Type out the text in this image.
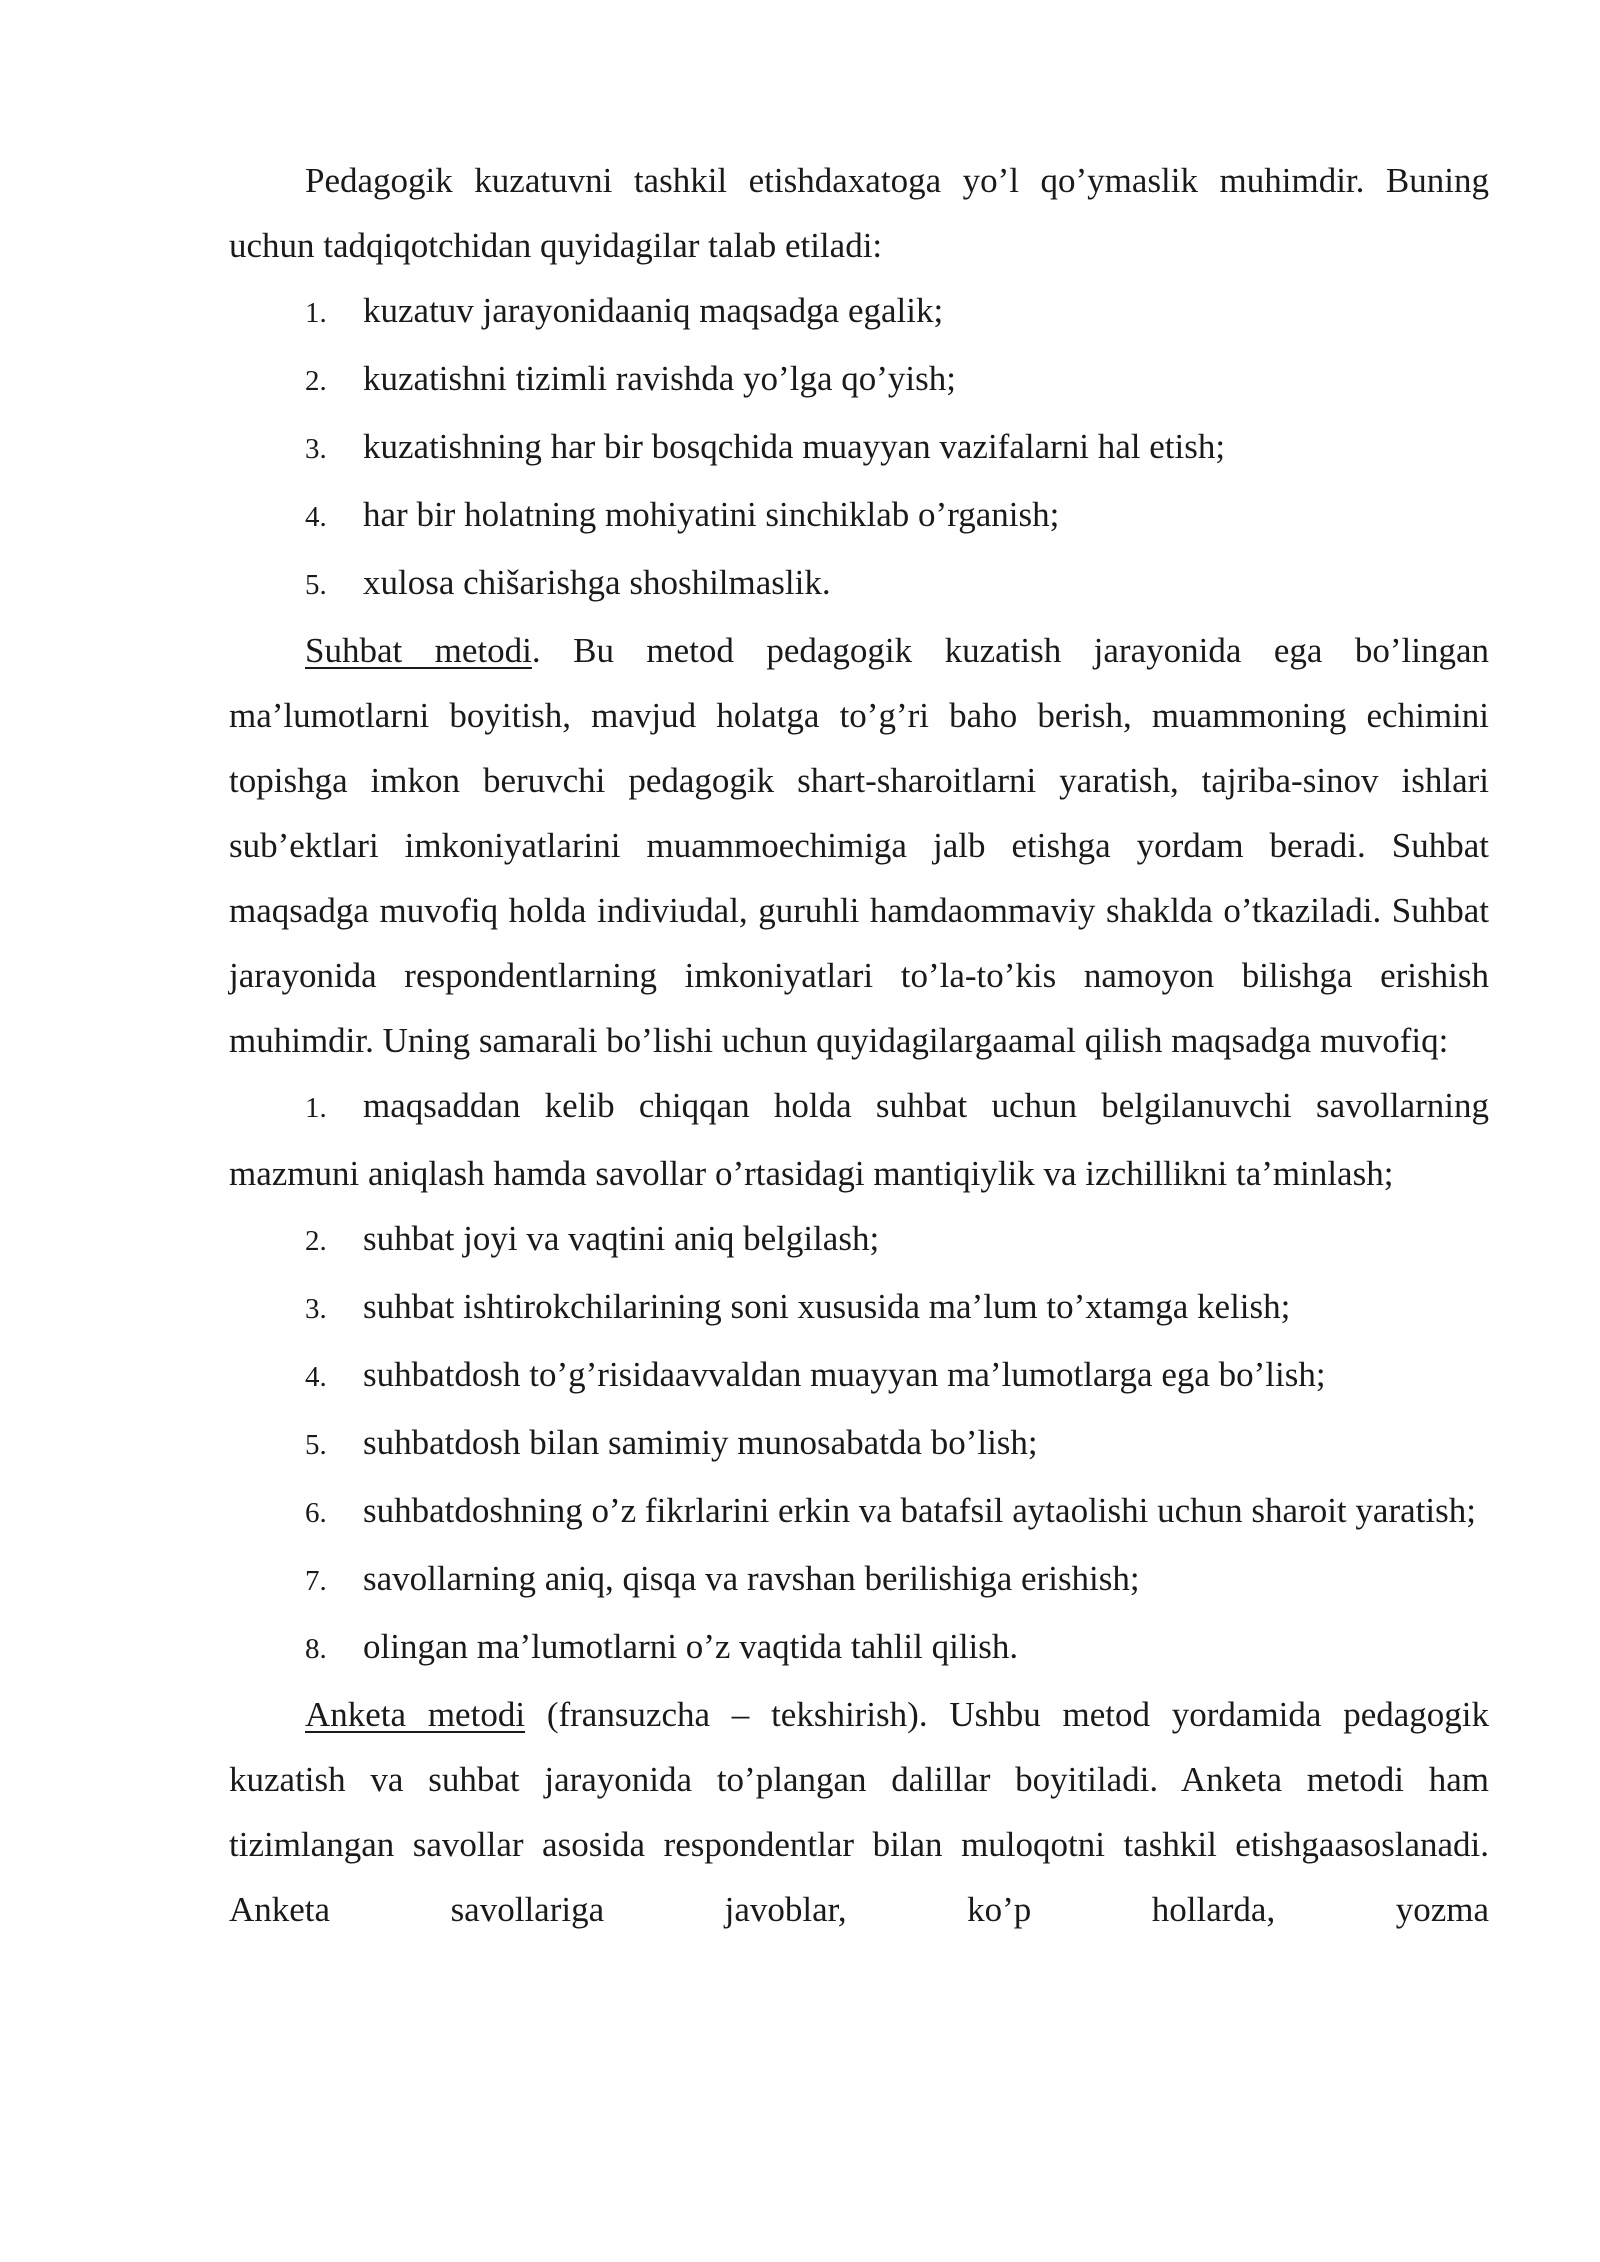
Pedagogik kuzatuvni tashkil etishdaxatoga yo’l qo’ymaslik muhimdir. Buning uchun tadqiqotchidan quyidagilar talab etiladi:

1. kuzatuv jarayonidaaniq maqsadga egalik;

2. kuzatishni tizimli ravishda yo’lga qo’yish;

3. kuzatishning har bir bosqchida muayyan vazifalarni hal etish;

4. har bir holatning mohiyatini sinchiklab o’rganish;

5. xulosa chišarishga shoshilmaslik.

Suhbat metodi. Bu metod pedagogik kuzatish jarayonida ega bo’lingan ma’lumotlarni boyitish, mavjud holatga to’g’ri baho berish, muammoning echimini topishga imkon beruvchi pedagogik shart-sharoitlarni yaratish, tajriba-sinov ishlari sub’ektlari imkoniyatlarini muammoechimiga jalb etishga yordam beradi. Suhbat maqsadga muvofiq holda indiviudal, guruhli hamdaommaviy shaklda o’tkaziladi. Suhbat jarayonida respondentlarning imkoniyatlari to’la-to’kis namoyon bilishga erishish muhimdir. Uning samarali bo’lishi uchun quyidagilargaamal qilish maqsadga muvofiq:

1. maqsaddan kelib chiqqan holda suhbat uchun belgilanuvchi savollarning mazmuni aniqlash hamda savollar o’rtasidagi mantiqiylik va izchillikni ta’minlash;

2. suhbat joyi va vaqtini aniq belgilash;

3. suhbat ishtirokchilarining soni xususida ma’lum to’xtamga kelish;

4. suhbatdosh to’g’risidaavvaldan muayyan ma’lumotlarga ega bo’lish;

5. suhbatdosh bilan samimiy munosabatda bo’lish;

6. suhbatdoshning o’z fikrlarini erkin va batafsil aytaolishi uchun sharoit yaratish;

7. savollarning aniq, qisqa va ravshan berilishiga erishish;

8. olingan ma’lumotlarni o’z vaqtida tahlil qilish.

Anketa metodi (fransuzcha – tekshirish). Ushbu metod yordamida pedagogik kuzatish va suhbat jarayonida to’plangan dalillar boyitiladi. Anketa metodi ham tizimlangan savollar asosida respondentlar bilan muloqotni tashkil etishgaasoslanadi. Anketa savollariga javoblar, ko’p hollarda, yozma
